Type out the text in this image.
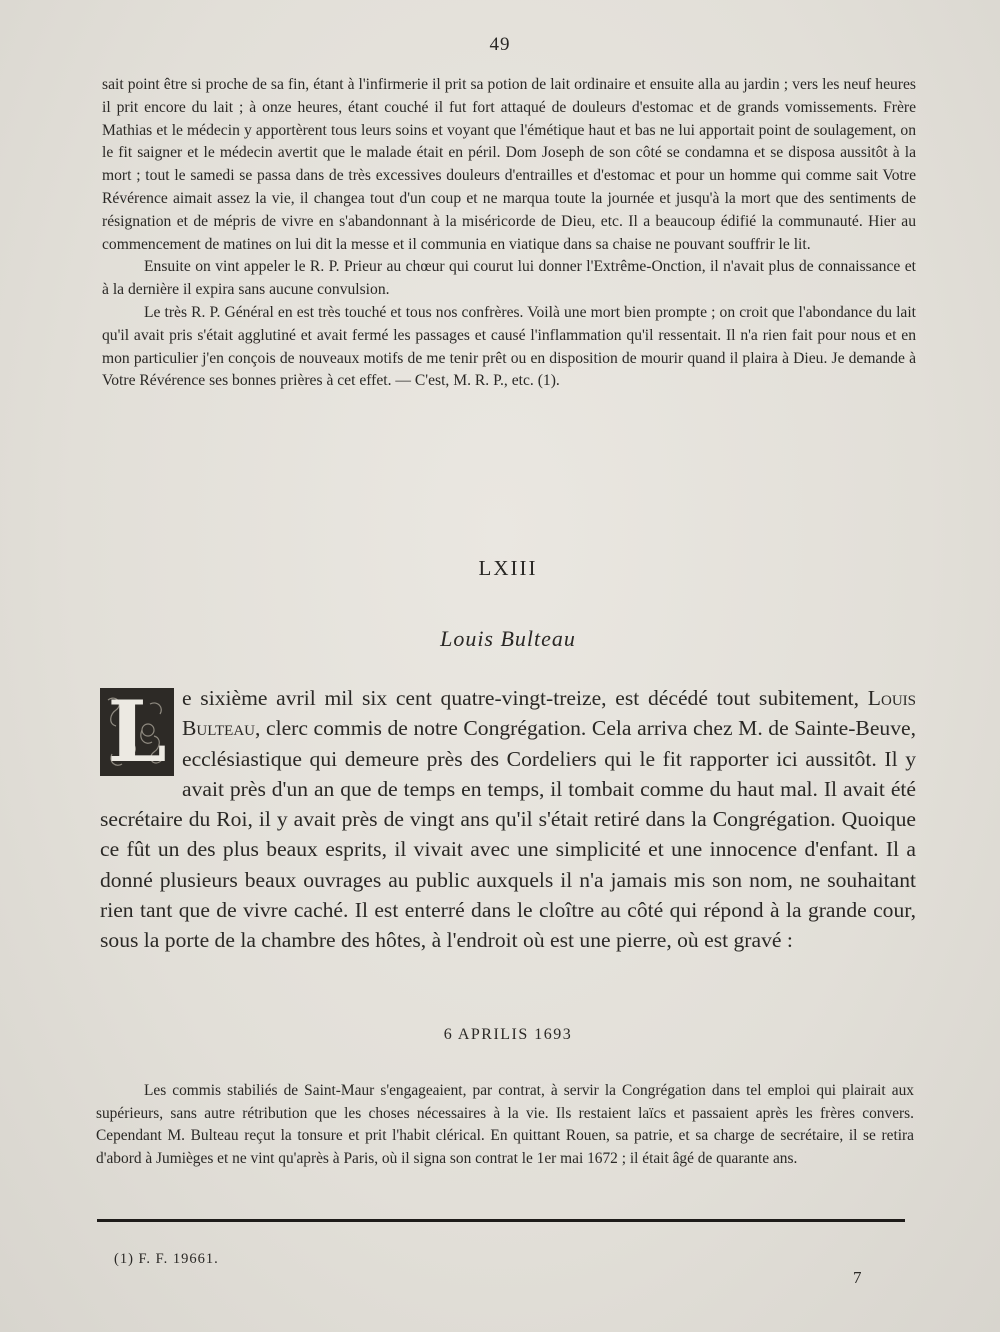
49

sait point être si proche de sa fin, étant à l'infirmerie il prit sa potion de lait ordinaire et ensuite alla au jardin ; vers les neuf heures il prit encore du lait ; à onze heures, étant couché il fut fort attaqué de douleurs d'estomac et de grands vomissements. Frère Mathias et le médecin y apportèrent tous leurs soins et voyant que l'émétique haut et bas ne lui apportait point de soulagement, on le fit saigner et le médecin avertit que le malade était en péril. Dom Joseph de son côté se condamna et se disposa aussitôt à la mort ; tout le samedi se passa dans de très excessives douleurs d'entrailles et d'estomac et pour un homme qui comme sait Votre Révérence aimait assez la vie, il changea tout d'un coup et ne marqua toute la journée et jusqu'à la mort que des sentiments de résignation et de mépris de vivre en s'abandonnant à la miséricorde de Dieu, etc. Il a beaucoup édifié la communauté. Hier au commencement de matines on lui dit la messe et il communia en viatique dans sa chaise ne pouvant souffrir le lit.

Ensuite on vint appeler le R. P. Prieur au chœur qui courut lui donner l'Extrême-Onction, il n'avait plus de connaissance et à la dernière il expira sans aucune convulsion.

Le très R. P. Général en est très touché et tous nos confrères. Voilà une mort bien prompte ; on croit que l'abondance du lait qu'il avait pris s'était agglutiné et avait fermé les passages et causé l'inflammation qu'il ressentait. Il n'a rien fait pour nous et en mon particulier j'en conçois de nouveaux motifs de me tenir prêt ou en disposition de mourir quand il plaira à Dieu. Je demande à Votre Révérence ses bonnes prières à cet effet. — C'est, M. R. P., etc. (1).

LXIII
Louis Bulteau
L e sixième avril mil six cent quatre-vingt-treize, est décédé tout subitement, Louis Bulteau, clerc commis de notre Congrégation. Cela arriva chez M. de Sainte-Beuve, ecclésiastique qui demeure près des Cordeliers qui le fit rapporter ici aussitôt. Il y avait près d'un an que de temps en temps, il tombait comme du haut mal. Il avait été secrétaire du Roi, il y avait près de vingt ans qu'il s'était retiré dans la Congrégation. Quoique ce fût un des plus beaux esprits, il vivait avec une simplicité et une innocence d'enfant. Il a donné plusieurs beaux ouvrages au public auxquels il n'a jamais mis son nom, ne souhaitant rien tant que de vivre caché. Il est enterré dans le cloître au côté qui répond à la grande cour, sous la porte de la chambre des hôtes, à l'endroit où est une pierre, où est gravé :
6 APRILIS 1693

Les commis stabiliés de Saint-Maur s'engageaient, par contrat, à servir la Congrégation dans tel emploi qui plairait aux supérieurs, sans autre rétribution que les choses nécessaires à la vie. Ils restaient laïcs et passaient après les frères convers. Cependant M. Bulteau reçut la tonsure et prit l'habit clérical. En quittant Rouen, sa patrie, et sa charge de secrétaire, il se retira d'abord à Jumièges et ne vint qu'après à Paris, où il signa son contrat le 1er mai 1672 ; il était âgé de quarante ans.

(1) F. F. 19661.
7
